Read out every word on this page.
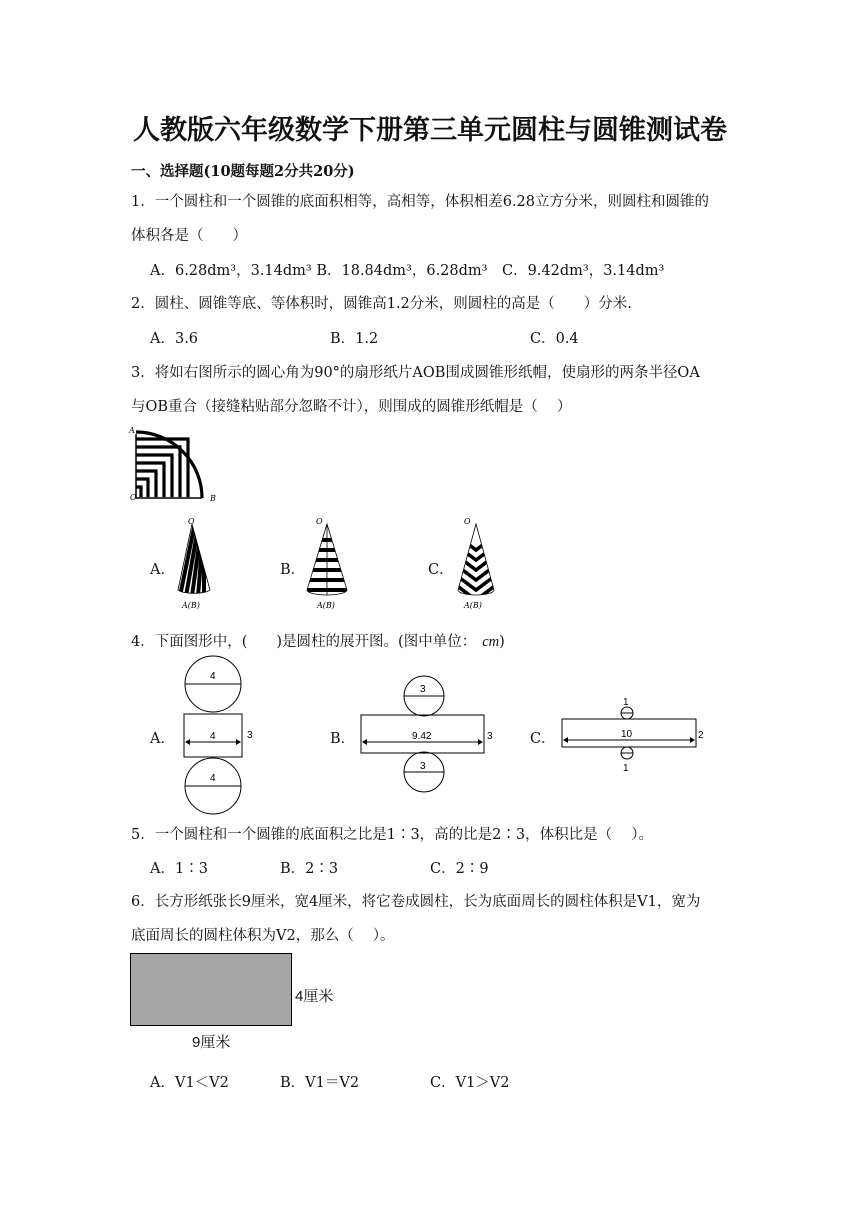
人教版六年级数学下册第三单元圆柱与圆锥测试卷
一、选择题(10题每题2分共20分)
1．一个圆柱和一个圆锥的底面积相等，高相等，体积相差6.28立方分米，则圆柱和圆锥的
体积各是（　　）
A．6.28dm³，3.14dm³ B．18.84dm³，6.28dm³　C．9.42dm³，3.14dm³
2．圆柱、圆锥等底、等体积时，圆锥高1.2分米，则圆柱的高是（　　）分米.
A．3.6	B．1.2	C．0.4
3．将如右图所示的圆心角为90°的扇形纸片AOB围成圆锥形纸帽，使扇形的两条半径OA
与OB重合（接缝粘贴部分忽略不计），则围成的圆锥形纸帽是（　 ）
A
O	B
A．
O
A(B)
B．
O
A(B)
C．
O
A(B)
4．下面图形中，(　　)是圆柱的展开图。(图中单位： cm)
A．
4
4	3
4
B．
3
9.42	3
3
C．
1
10	2
1
5．一个圆柱和一个圆锥的底面积之比是1∶3，高的比是2∶3，体积比是（　 ）。
A．1∶3	B．2∶3	C．2∶9
6．长方形纸张长9厘米，宽4厘米，将它卷成圆柱，长为底面周长的圆柱体积是V1，宽为
底面周长的圆柱体积为V2，那么（　 ）。
4厘米
9厘米
A．V1＜V2	B．V1＝V2	C．V1＞V2
